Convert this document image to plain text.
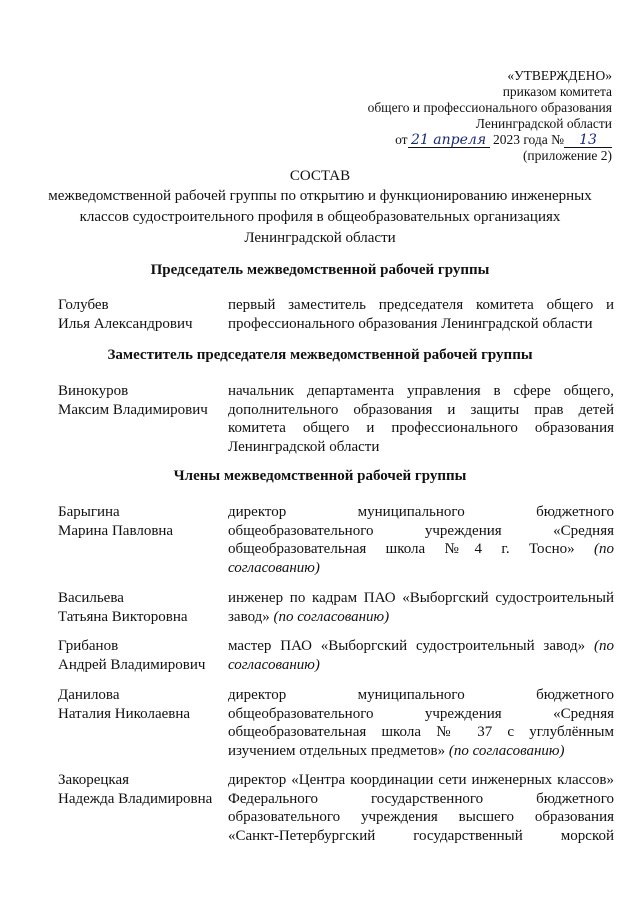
«УТВЕРЖДЕНО»
приказом комитета
общего и профессионального образования
Ленинградской области
от 21 апреля 2023 года № 13
(приложение 2)
СОСТАВ
межведомственной рабочей группы по открытию и функционированию инженерных классов судостроительного профиля в общеобразовательных организациях Ленинградской области
Председатель межведомственной рабочей группы
Голубев
Илья Александрович
первый заместитель председателя комитета общего и профессионального образования Ленинградской области
Заместитель председателя межведомственной рабочей группы
Винокуров
Максим Владимирович
начальник департамента управления в сфере общего, дополнительного образования и защиты прав детей комитета общего и профессионального образования Ленинградской области
Члены межведомственной рабочей группы
Барыгина
Марина Павловна
директор муниципального бюджетного общеобразовательного учреждения «Средняя общеобразовательная школа №4 г. Тосно» (по согласованию)
Васильева
Татьяна Викторовна
инженер по кадрам ПАО «Выборгский судостроительный завод» (по согласованию)
Грибанов
Андрей Владимирович
мастер ПАО «Выборгский судостроительный завод» (по согласованию)
Данилова
Наталия Николаевна
директор муниципального бюджетного общеобразовательного учреждения «Средняя общеобразовательная школа № 37 с углублённым изучением отдельных предметов» (по согласованию)
Закорецкая
Надежда Владимировна
директор «Центра координации сети инженерных классов» Федерального государственного бюджетного образовательного учреждения высшего образования «Санкт-Петербургский государственный морской
